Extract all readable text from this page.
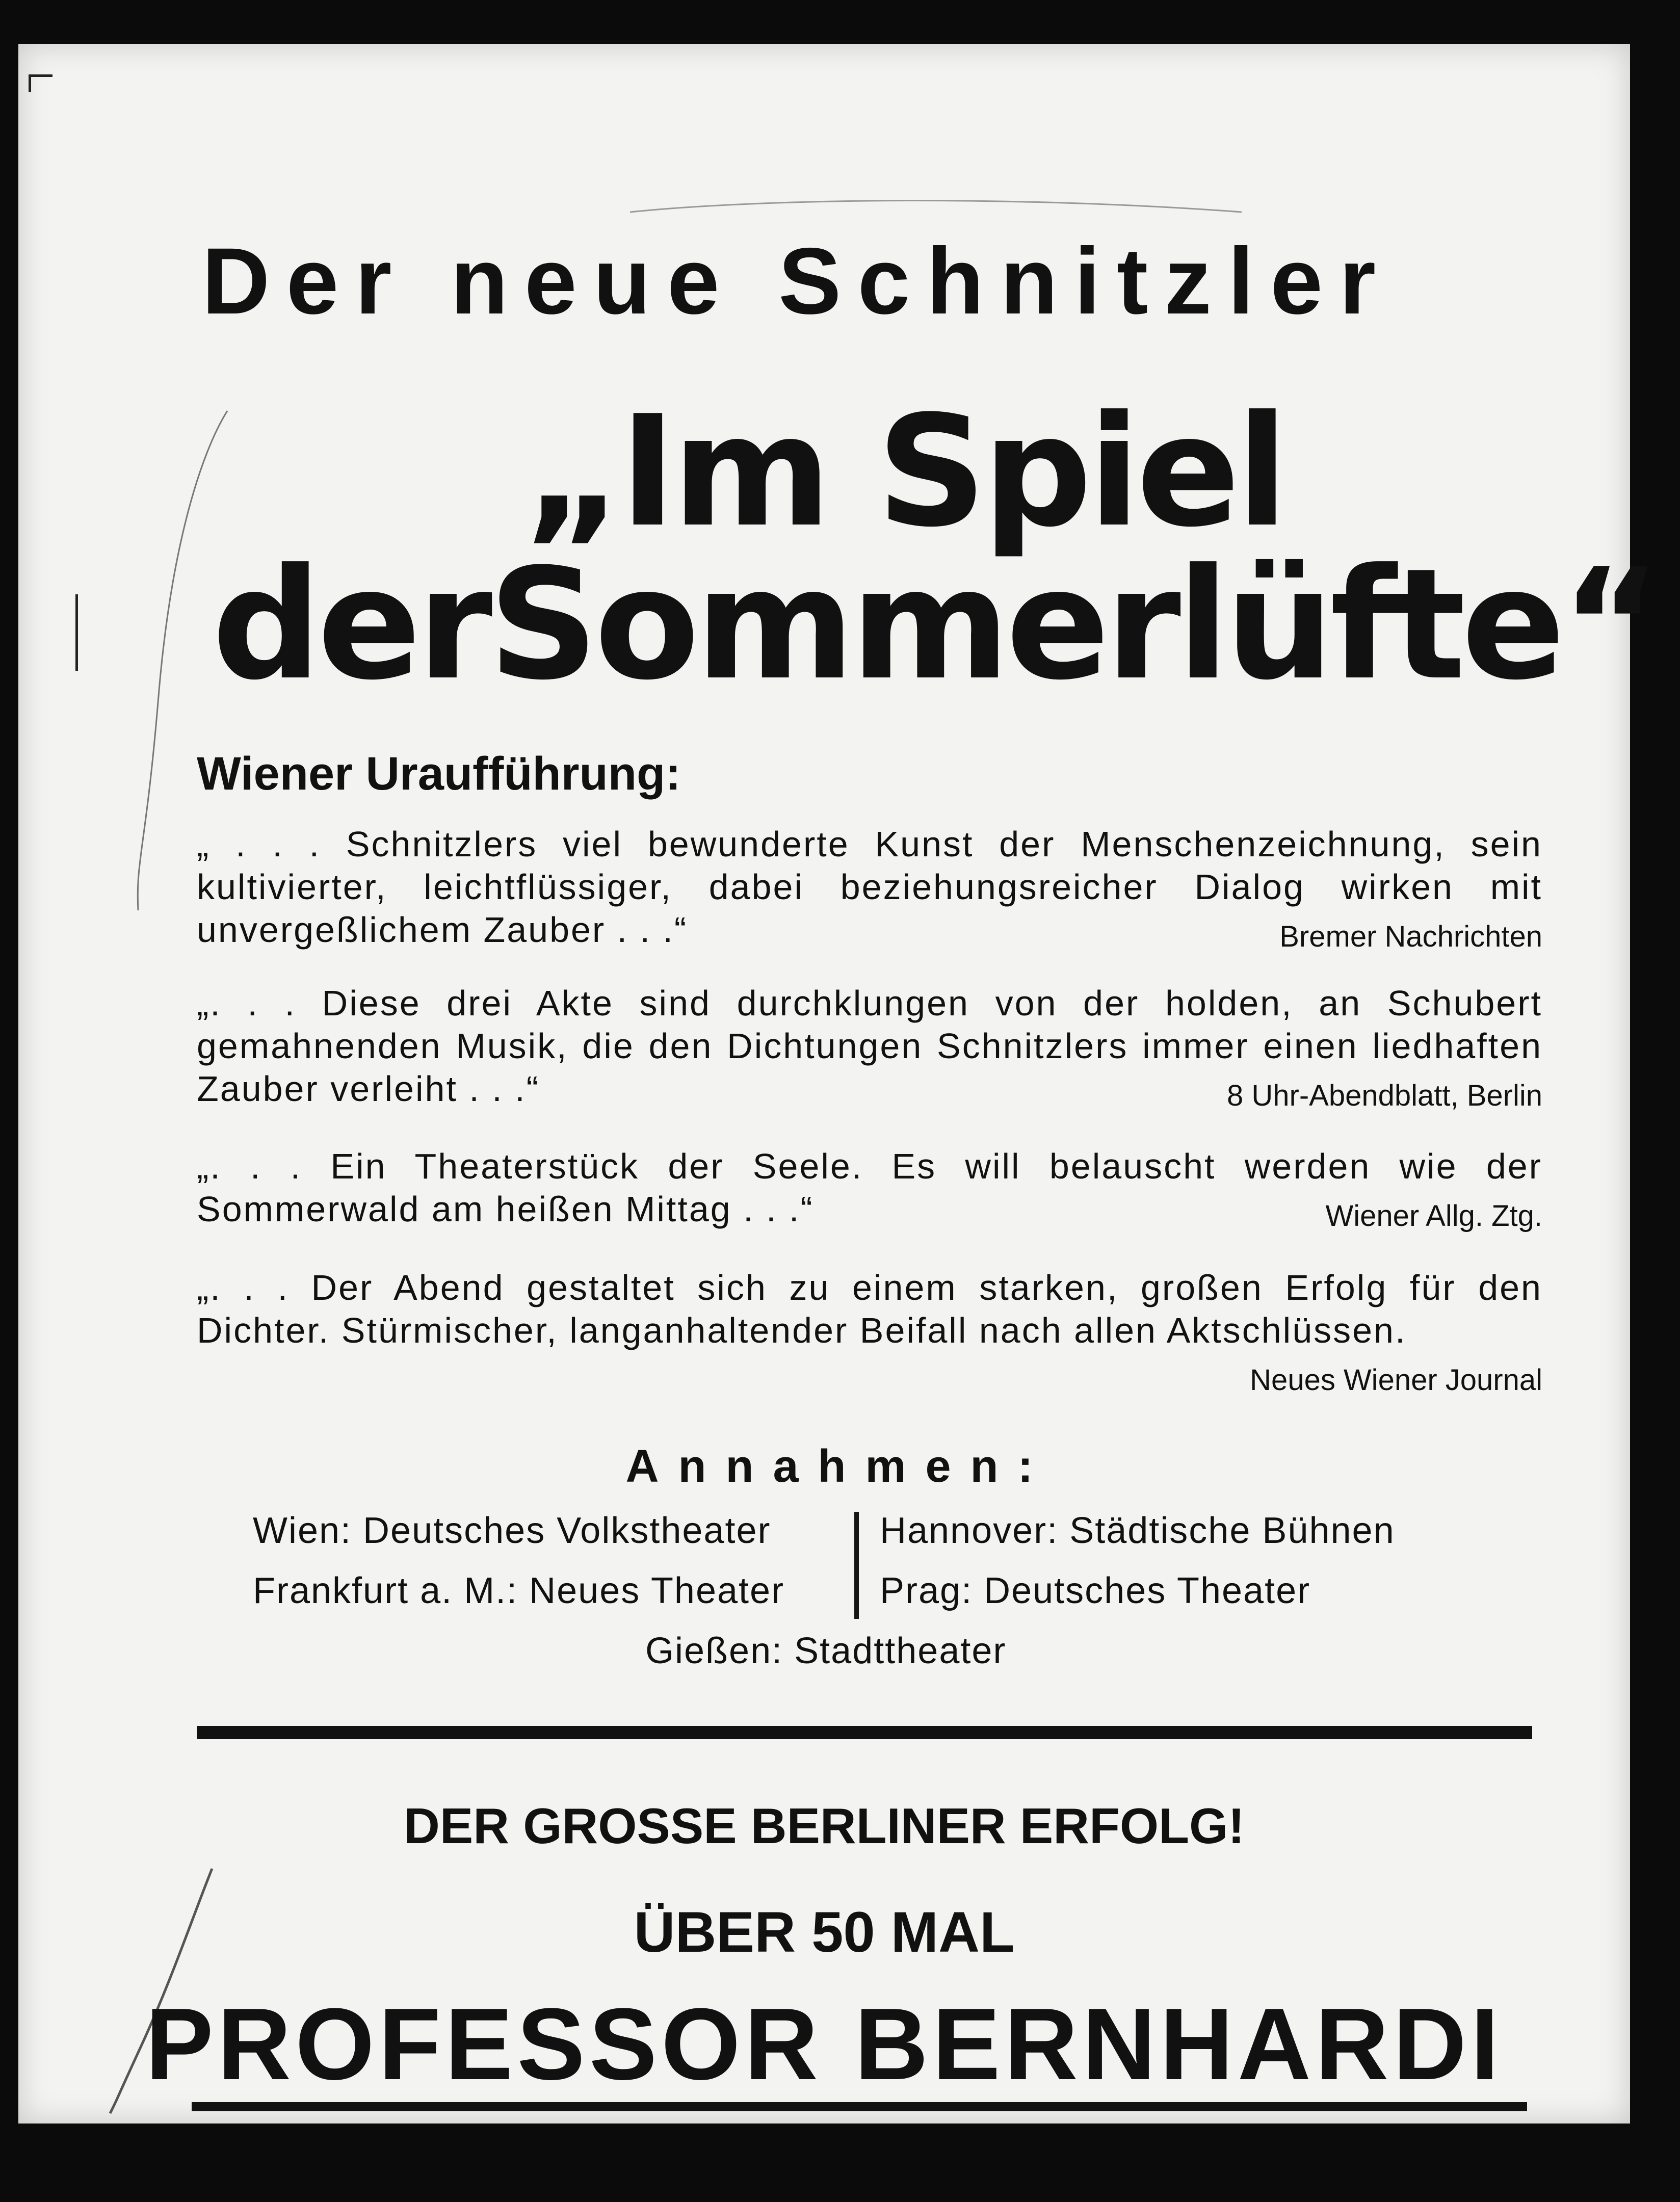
Der neue Schnitzler
„Im Spiel
derSommerlüfte“
Wiener Uraufführung:
„ . . . Schnitzlers viel bewunderte Kunst der Menschenzeichnung, sein kultivierter, leichtflüssiger, dabei beziehungsreicher Dialog wirken mit unvergeßlichem Zauber . . .“	Bremer Nachrichten
„. . . Diese drei Akte sind durchklungen von der holden, an Schubert gemahnenden Musik, die den Dichtungen Schnitzlers immer einen liedhaften Zauber verleiht . . .“	8 Uhr-Abendblatt, Berlin
„. . . Ein Theaterstück der Seele. Es will belauscht werden wie der Sommerwald am heißen Mittag . . .“	Wiener Allg. Ztg.
„. . . Der Abend gestaltet sich zu einem starken, großen Erfolg für den Dichter. Stürmischer, langanhaltender Beifall nach allen Aktschlüssen.
Neues Wiener Journal
Annahmen:
Wien: Deutsches Volkstheater	Hannover: Städtische Bühnen
Frankfurt a. M.: Neues Theater	Prag: Deutsches Theater
Gießen: Stadttheater
DER GROSSE BERLINER ERFOLG!
ÜBER 50 MAL
PROFESSOR BERNHARDI
